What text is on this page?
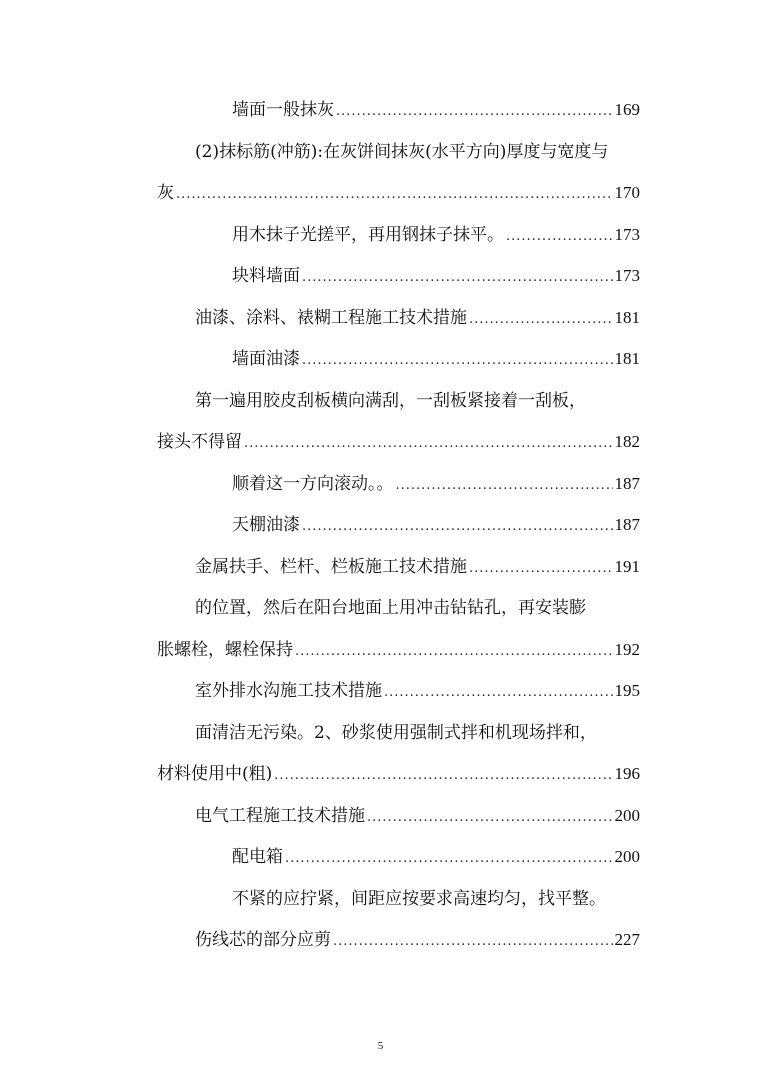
墙面一般抹灰 .....	169
(2)抹标筋(冲筋):在灰饼间抹灰(水平方向)厚度与宽度与
灰 .....	170
用木抹子光搓平，再用钢抹子抹平。 .....	173
块料墙面 .....	173
油漆、涂料、裱糊工程施工技术措施 .....	181
墙面油漆 .....	181
第一遍用胶皮刮板横向满刮，一刮板紧接着一刮板，
接头不得留 .....	182
顺着这一方向滚动。。 .....	187
天棚油漆 .....	187
金属扶手、栏杆、栏板施工技术措施 .....	191
的位置，然后在阳台地面上用冲击钻钻孔，再安装膨
胀螺栓，螺栓保持 .....	192
室外排水沟施工技术措施 .....	195
面清洁无污染。2、砂浆使用强制式拌和机现场拌和，
材料使用中(粗) .....	196
电气工程施工技术措施 .....	200
配电箱 .....	200
不紧的应拧紧，间距应按要求高速均匀，找平整。
伤线芯的部分应剪 .....	227
5
